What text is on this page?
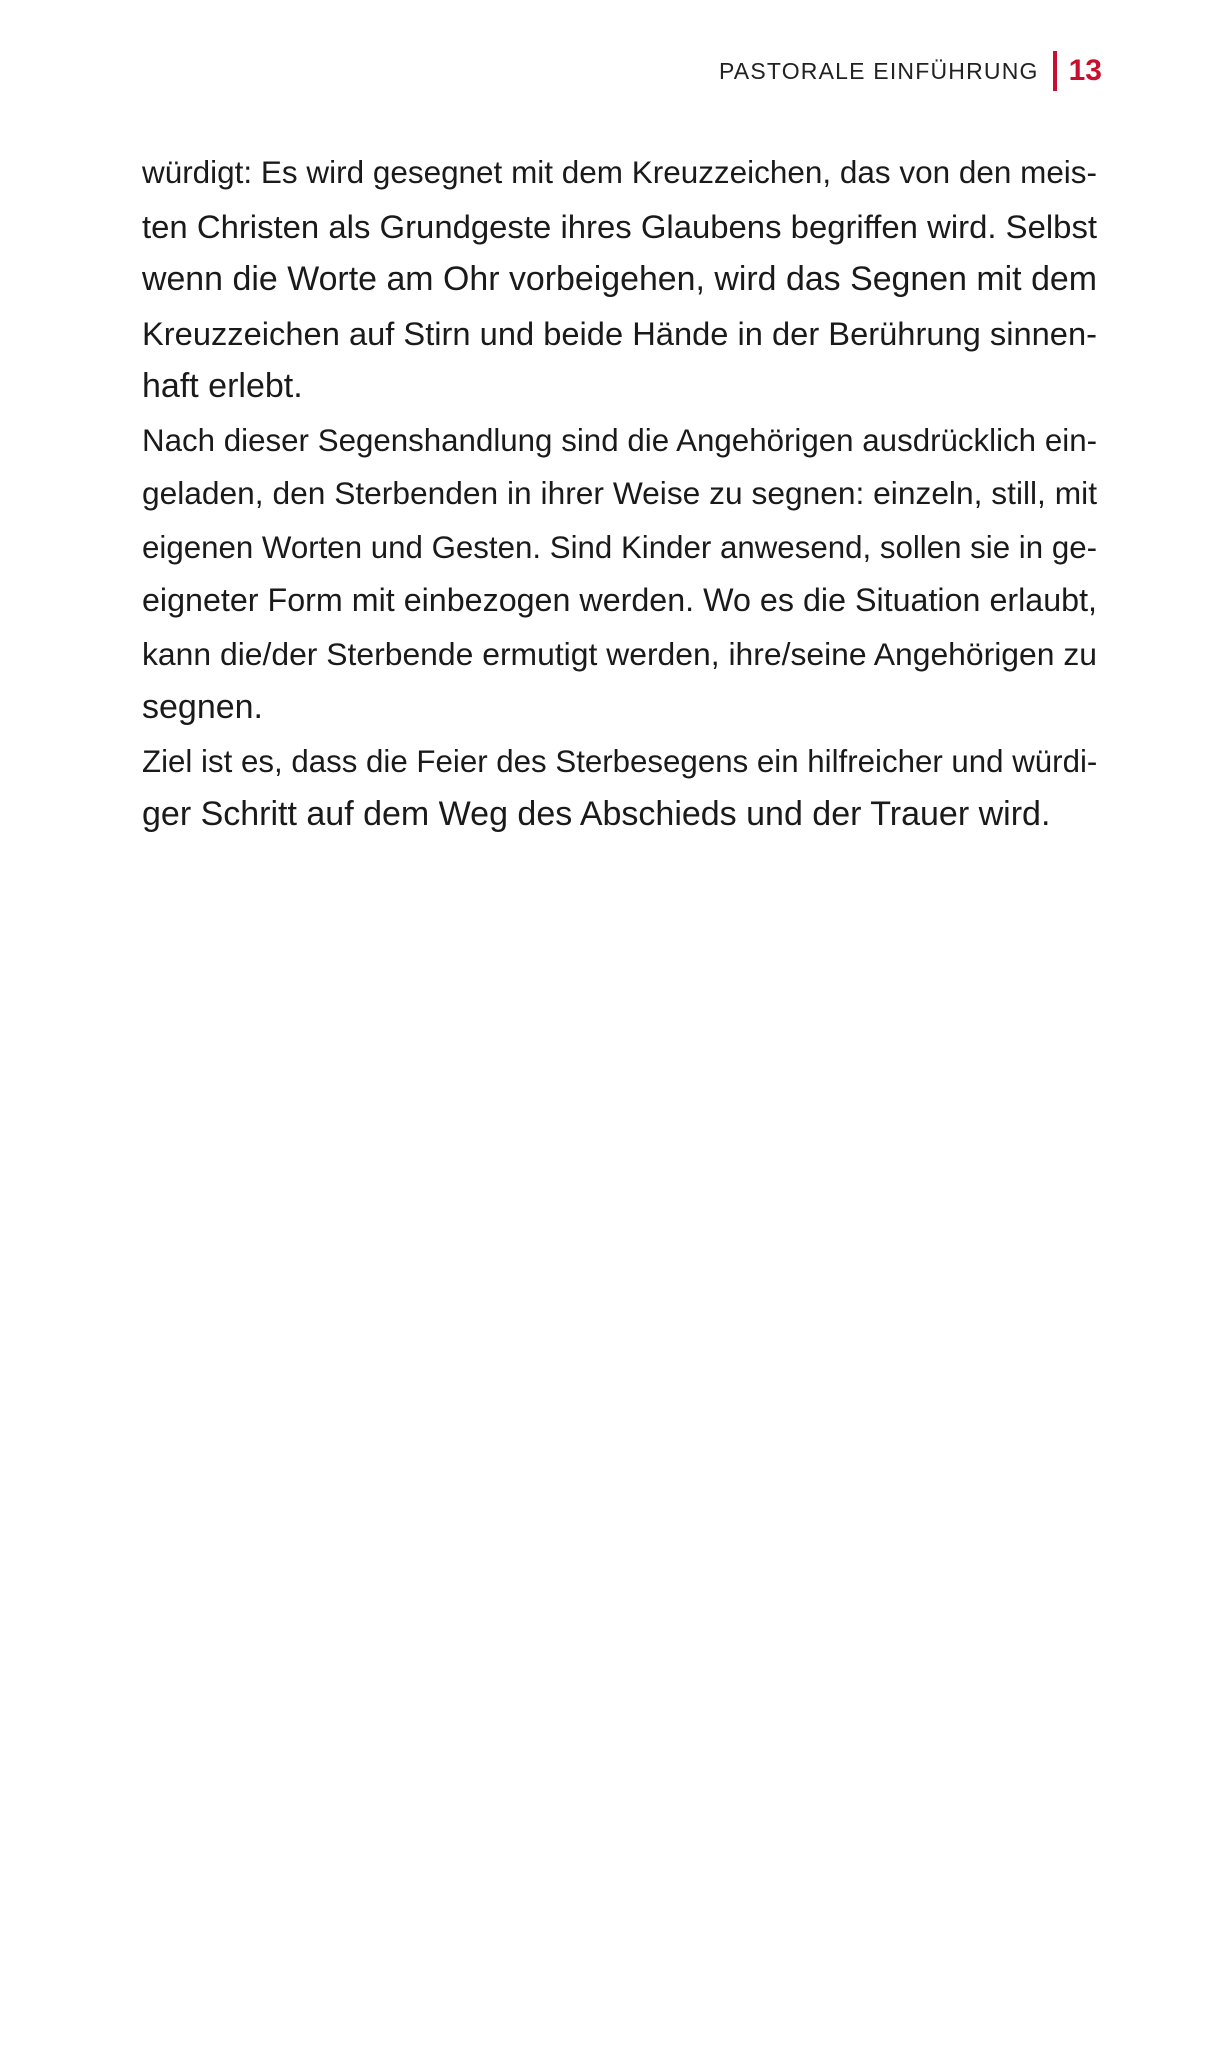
PASTORALE EINFÜHRUNG 13

würdigt: Es wird gesegnet mit dem Kreuzzeichen, das von den meis-
ten Christen als Grundgeste ihres Glaubens begriffen wird. Selbst
wenn die Worte am Ohr vorbeigehen, wird das Segnen mit dem
Kreuzzeichen auf Stirn und beide Hände in der Berührung sinnen-
haft erlebt.

Nach dieser Segenshandlung sind die Angehörigen ausdrücklich ein-
geladen, den Sterbenden in ihrer Weise zu segnen: einzeln, still, mit
eigenen Worten und Gesten. Sind Kinder anwesend, sollen sie in ge-
eigneter Form mit einbezogen werden. Wo es die Situation erlaubt,
kann die/der Sterbende ermutigt werden, ihre/seine Angehörigen zu
segnen.

Ziel ist es, dass die Feier des Sterbesegens ein hilfreicher und würdi-
ger Schritt auf dem Weg des Abschieds und der Trauer wird.
